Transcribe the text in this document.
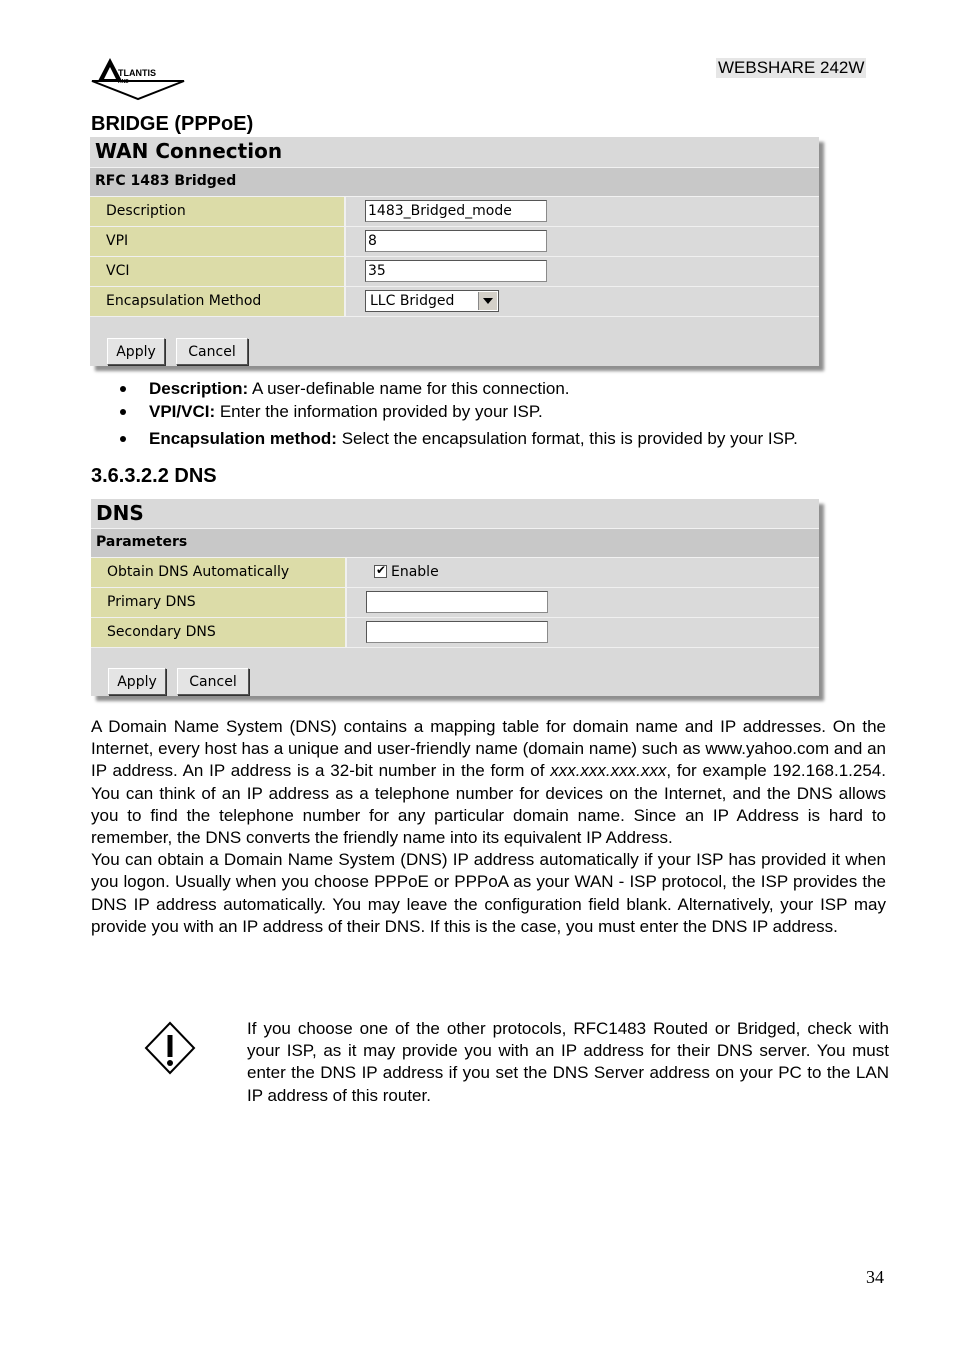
TLANTIS
AND
WEBSHARE 242W
BRIDGE (PPPoE)
WAN Connection
RFC 1483 Bridged
Description	1483_Bridged_mode
VPI	8
VCI	35
Encapsulation Method	LLC Bridged
Apply	Cancel
Description: A user-definable name for this connection.
VPI/VCI: Enter the information provided by your ISP.
Encapsulation method: Select the encapsulation format, this is provided by your ISP.
3.6.3.2.2 DNS
DNS
Parameters
Obtain DNS Automatically	✔ Enable
Primary DNS
Secondary DNS
Apply	Cancel

A Domain Name System (DNS) contains a mapping table for domain name and IP addresses. On the Internet, every host has a unique and user-friendly name (domain name) such as www.yahoo.com and an IP address. An IP address is a 32-bit number in the form of xxx.xxx.xxx.xxx, for example 192.168.1.254. You can think of an IP address as a telephone number for devices on the Internet, and the DNS allows you to find the telephone number for any particular domain name. Since an IP Address is hard to remember, the DNS converts the friendly name into its equivalent IP Address.

You can obtain a Domain Name System (DNS) IP address automatically if your ISP has provided it when you logon. Usually when you choose PPPoE or PPPoA as your WAN - ISP protocol, the ISP provides the DNS IP address automatically. You may leave the configuration field blank. Alternatively, your ISP may provide you with an IP address of their DNS. If this is the case, you must enter the DNS IP address.

If you choose one of the other protocols, RFC1483 Routed or Bridged, check with your ISP, as it may provide you with an IP address for their DNS server. You must enter the DNS IP address if you set the DNS Server address on your PC to the LAN IP address of this router.
34
